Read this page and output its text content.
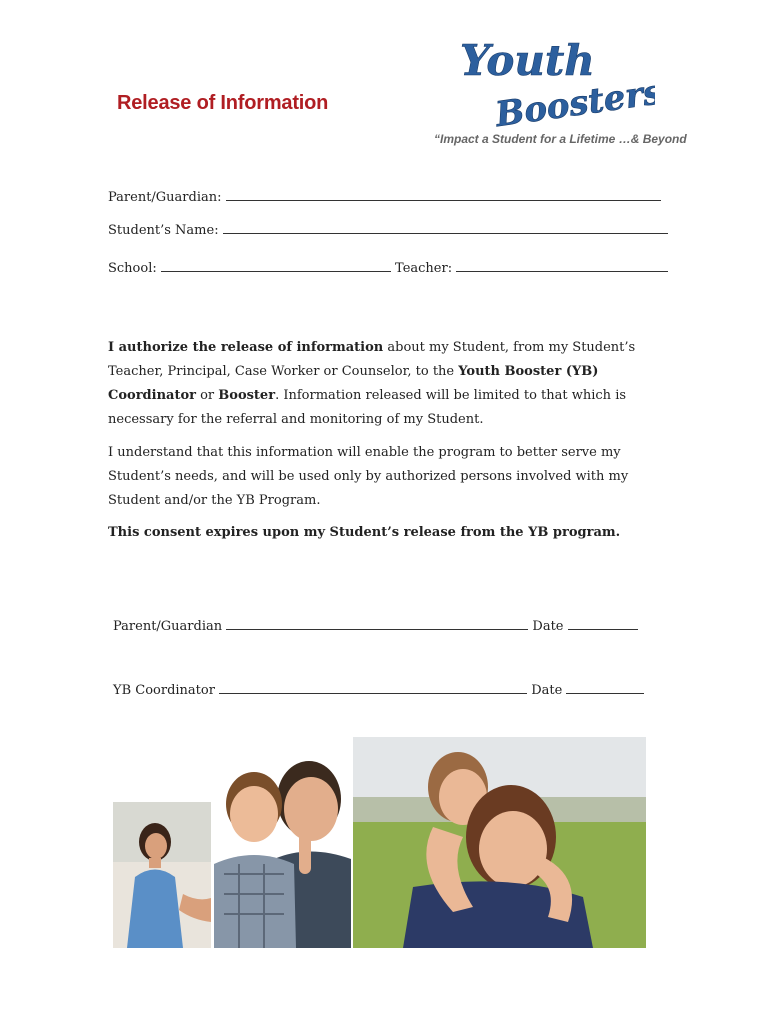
Release of Information
Youth
Boosters
“Impact a Student for a Lifetime …& Beyond
Parent/Guardian:
Student’s Name:
School:	Teacher:
I authorize the release of information about my Student, from my Student’s Teacher, Principal, Case Worker or Counselor, to the Youth Booster (YB) Coordinator or Booster. Information released will be limited to that which is necessary for the referral and monitoring of my Student.
I understand that this information will enable the program to better serve my Student’s needs, and will be used only by authorized persons involved with my Student and/or the YB Program.
This consent expires upon my Student’s release from the YB program.
Parent/Guardian	Date
YB Coordinator	Date
